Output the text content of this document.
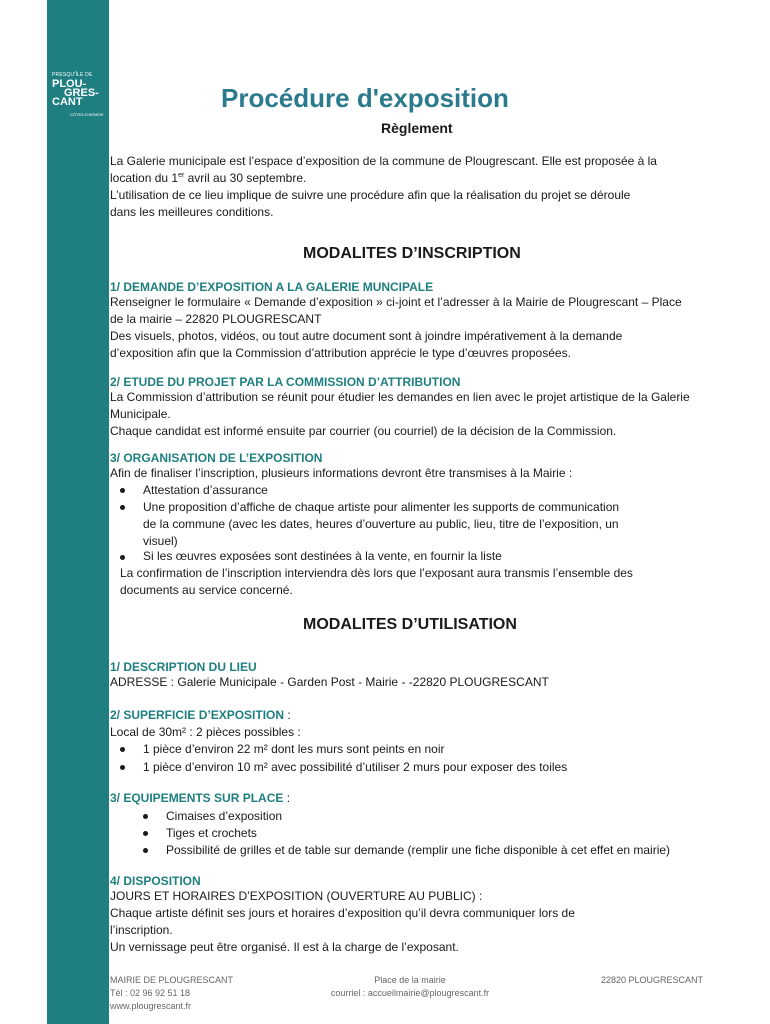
PRESQU'ÎLE DE
PLOU-
GRES-
CANT
CÔTES D'ARMOR
Procédure d'exposition
Règlement
La Galerie municipale est l’espace d’exposition de la commune de Plougrescant. Elle est proposée à la
location du 1er avril au 30 septembre.
L’utilisation de ce lieu implique de suivre une procédure afin que la réalisation du projet se déroule
dans les meilleures conditions.
MODALITES D’INSCRIPTION
1/ DEMANDE D’EXPOSITION A LA GALERIE MUNCIPALE
Renseigner le formulaire « Demande d’exposition » ci-joint et l’adresser à la Mairie de Plougrescant – Place
de la mairie – 22820 PLOUGRESCANT
Des visuels, photos, vidéos, ou tout autre document sont à joindre impérativement à la demande
d’exposition afin que la Commission d’attribution apprécie le type d’œuvres proposées.
2/ ETUDE DU PROJET PAR LA COMMISSION D’ATTRIBUTION
La Commission d’attribution se réunit pour étudier les demandes en lien avec le projet artistique de la Galerie
Municipale.
Chaque candidat est informé ensuite par courrier (ou courriel) de la décision de la Commission.
3/ ORGANISATION DE L’EXPOSITION
Afin de finaliser l’inscription, plusieurs informations devront être transmises à la Mairie :
Attestation d’assurance
Une proposition d’affiche de chaque artiste pour alimenter les supports de communication
de la commune (avec les dates, heures d’ouverture au public, lieu, titre de l’exposition, un
visuel)
Si les œuvres exposées sont destinées à la vente, en fournir la liste
La confirmation de l’inscription interviendra dès lors que l’exposant aura transmis l’ensemble des
documents au service concerné.
MODALITES D’UTILISATION
1/ DESCRIPTION DU LIEU
ADRESSE : Galerie Municipale - Garden Post - Mairie - -22820 PLOUGRESCANT
2/ SUPERFICIE D’EXPOSITION :
Local de 30m² : 2 pièces possibles :
1 pièce d’environ 22 m² dont les murs sont peints en noir
1 pièce d’environ 10 m² avec possibilité d’utiliser 2 murs pour exposer des toiles
3/ EQUIPEMENTS SUR PLACE :
Cimaises d’exposition
Tiges et crochets
Possibilité de grilles et de table sur demande (remplir une fiche disponible à cet effet en mairie)
4/ DISPOSITION
JOURS ET HORAIRES D’EXPOSITION (OUVERTURE AU PUBLIC) :
Chaque artiste définit ses jours et horaires d’exposition qu’il devra communiquer lors de
l’inscription.
Un vernissage peut être organisé. Il est à la charge de l’exposant.
MAIRIE DE PLOUGRESCANT
Tél : 02 96 92 51 18
www.plougrescant.fr
Place de la mairie
courriel : accueilmairie@plougrescant.fr
22820 PLOUGRESCANT
